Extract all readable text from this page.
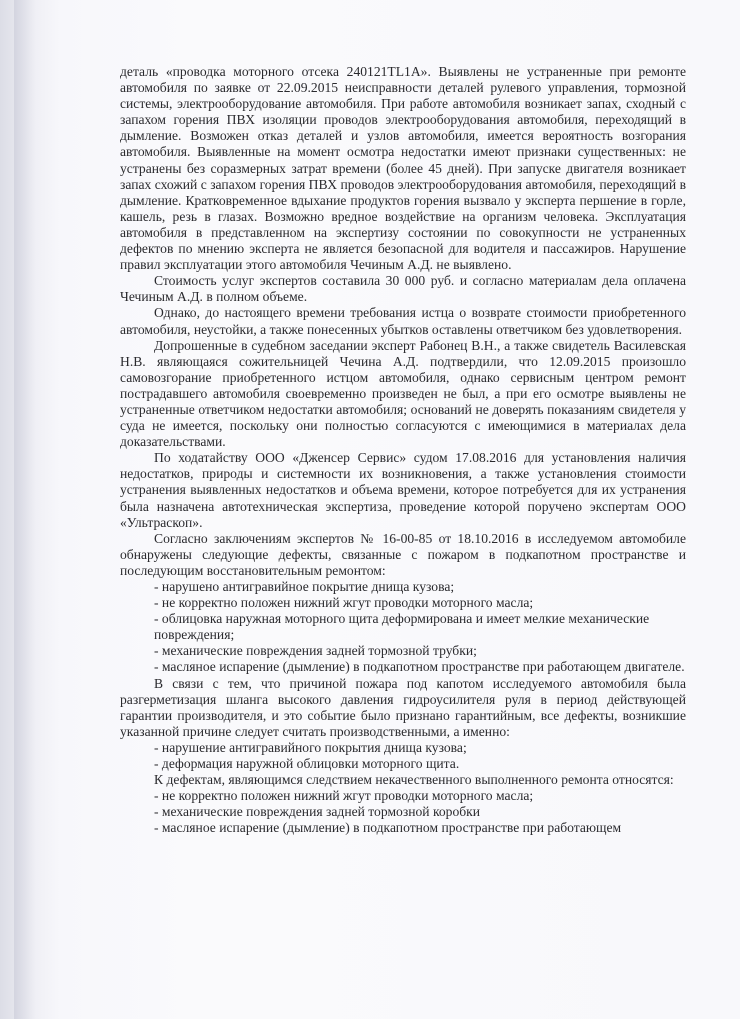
деталь «проводка моторного отсека 240121TL1A». Выявлены не устраненные при ремонте автомобиля по заявке от 22.09.2015 неисправности деталей рулевого управления, тормозной системы, электрооборудование автомобиля. При работе автомобиля возникает запах, сходный с запахом горения ПВХ изоляции проводов электрооборудования автомобиля, переходящий в дымление. Возможен отказ деталей и узлов автомобиля, имеется вероятность возгорания автомобиля. Выявленные на момент осмотра недостатки имеют признаки существенных: не устранены без соразмерных затрат времени (более 45 дней). При запуске двигателя возникает запах схожий с запахом горения ПВХ проводов электрооборудования автомобиля, переходящий в дымление. Кратковременное вдыхание продуктов горения вызвало у эксперта першение в горле, кашель, резь в глазах. Возможно вредное воздействие на организм человека. Эксплуатация автомобиля в представленном на экспертизу состоянии по совокупности не устраненных дефектов по мнению эксперта не является безопасной для водителя и пассажиров. Нарушение правил эксплуатации этого автомобиля Чечиным А.Д. не выявлено.

Стоимость услуг экспертов составила 30 000 руб. и согласно материалам дела оплачена Чечиным А.Д. в полном объеме.

Однако, до настоящего времени требования истца о возврате стоимости приобретенного автомобиля, неустойки, а также понесенных убытков оставлены ответчиком без удовлетворения.

Допрошенные в судебном заседании эксперт Рабонец В.Н., а также свидетель Василевская Н.В. являющаяся сожительницей Чечина А.Д. подтвердили, что 12.09.2015 произошло самовозгорание приобретенного истцом автомобиля, однако сервисным центром ремонт пострадавшего автомобиля своевременно произведен не был, а при его осмотре выявлены не устраненные ответчиком недостатки автомобиля; оснований не доверять показаниям свидетеля у суда не имеется, поскольку они полностью согласуются с имеющимися в материалах дела доказательствами.

По ходатайству ООО «Дженсер Сервис» судом 17.08.2016 для установления наличия недостатков, природы и системности их возникновения, а также установления стоимости устранения выявленных недостатков и объема времени, которое потребуется для их устранения была назначена автотехническая экспертиза, проведение которой поручено экспертам ООО «Ультраскоп».

Согласно заключениям экспертов № 16-00-85 от 18.10.2016 в исследуемом автомобиле обнаружены следующие дефекты, связанные с пожаром в подкапотном пространстве и последующим восстановительным ремонтом:

- нарушено антигравийное покрытие днища кузова;

- не корректно положен нижний жгут проводки моторного масла;

- облицовка наружная моторного щита деформирована и имеет мелкие механические повреждения;

- механические повреждения задней тормозной трубки;

- масляное испарение (дымление) в подкапотном пространстве при работающем двигателе.

В связи с тем, что причиной пожара под капотом исследуемого автомобиля была разгерметизация шланга высокого давления гидроусилителя руля в период действующей гарантии производителя, и это событие было признано гарантийным, все дефекты, возникшие указанной причине следует считать производственными, а именно:

- нарушение антигравийного покрытия днища кузова;

- деформация наружной облицовки моторного щита.

К дефектам, являющимся следствием некачественного выполненного ремонта относятся:

- не корректно положен нижний жгут проводки моторного масла;

- механические повреждения задней тормозной коробки

- масляное испарение (дымление) в подкапотном пространстве при работающем
